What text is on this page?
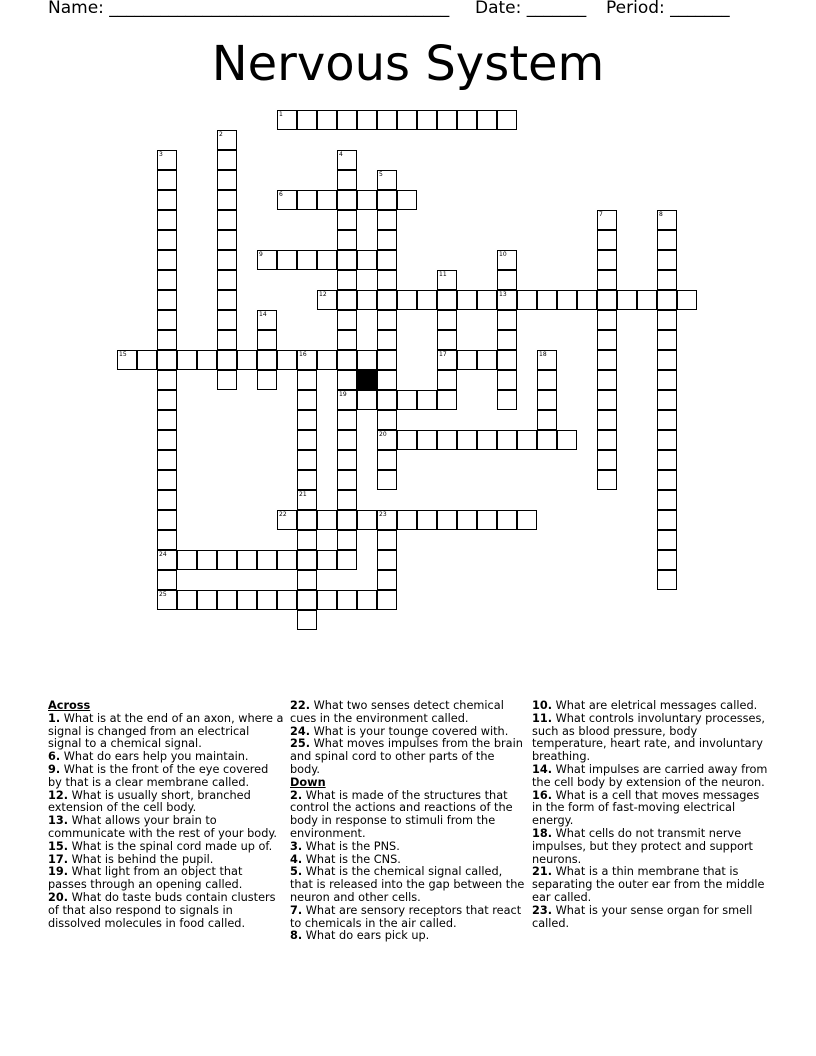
Name: ________________________________________ Date: _______ Period: _______
Nervous System
1
2
3
24
25
4
19
5
20
6
7	8
9	10
13
11
17
12
14
15	16	18
21
22	23
Across
1. What is at the end of an axon, where a signal is changed from an electrical signal to a chemical signal.
6. What do ears help you maintain.
9. What is the front of the eye covered by that is a clear membrane called.
12. What is usually short, branched extension of the cell body.
13. What allows your brain to communicate with the rest of your body.
15. What is the spinal cord made up of.
17. What is behind the pupil.
19. What light from an object that passes through an opening called.
20. What do taste buds contain clusters of that also respond to signals in dissolved molecules in food called.
22. What two senses detect chemical cues in the environment called.
24. What is your tounge covered with.
25. What moves impulses from the brain and spinal cord to other parts of the body.
Down
2. What is made of the structures that control the actions and reactions of the body in response to stimuli from the environment.
3. What is the PNS.
4. What is the CNS.
5. What is the chemical signal called, that is released into the gap between the neuron and other cells.
7. What are sensory receptors that react to chemicals in the air called.
8. What do ears pick up.
10. What are eletrical messages called.
11. What controls involuntary processes, such as blood pressure, body temperature, heart rate, and involuntary breathing.
14. What impulses are carried away from the cell body by extension of the neuron.
16. What is a cell that moves messages in the form of fast-moving electrical energy.
18. What cells do not transmit nerve impulses, but they protect and support neurons.
21. What is a thin membrane that is separating the outer ear from the middle ear called.
23. What is your sense organ for smell called.
